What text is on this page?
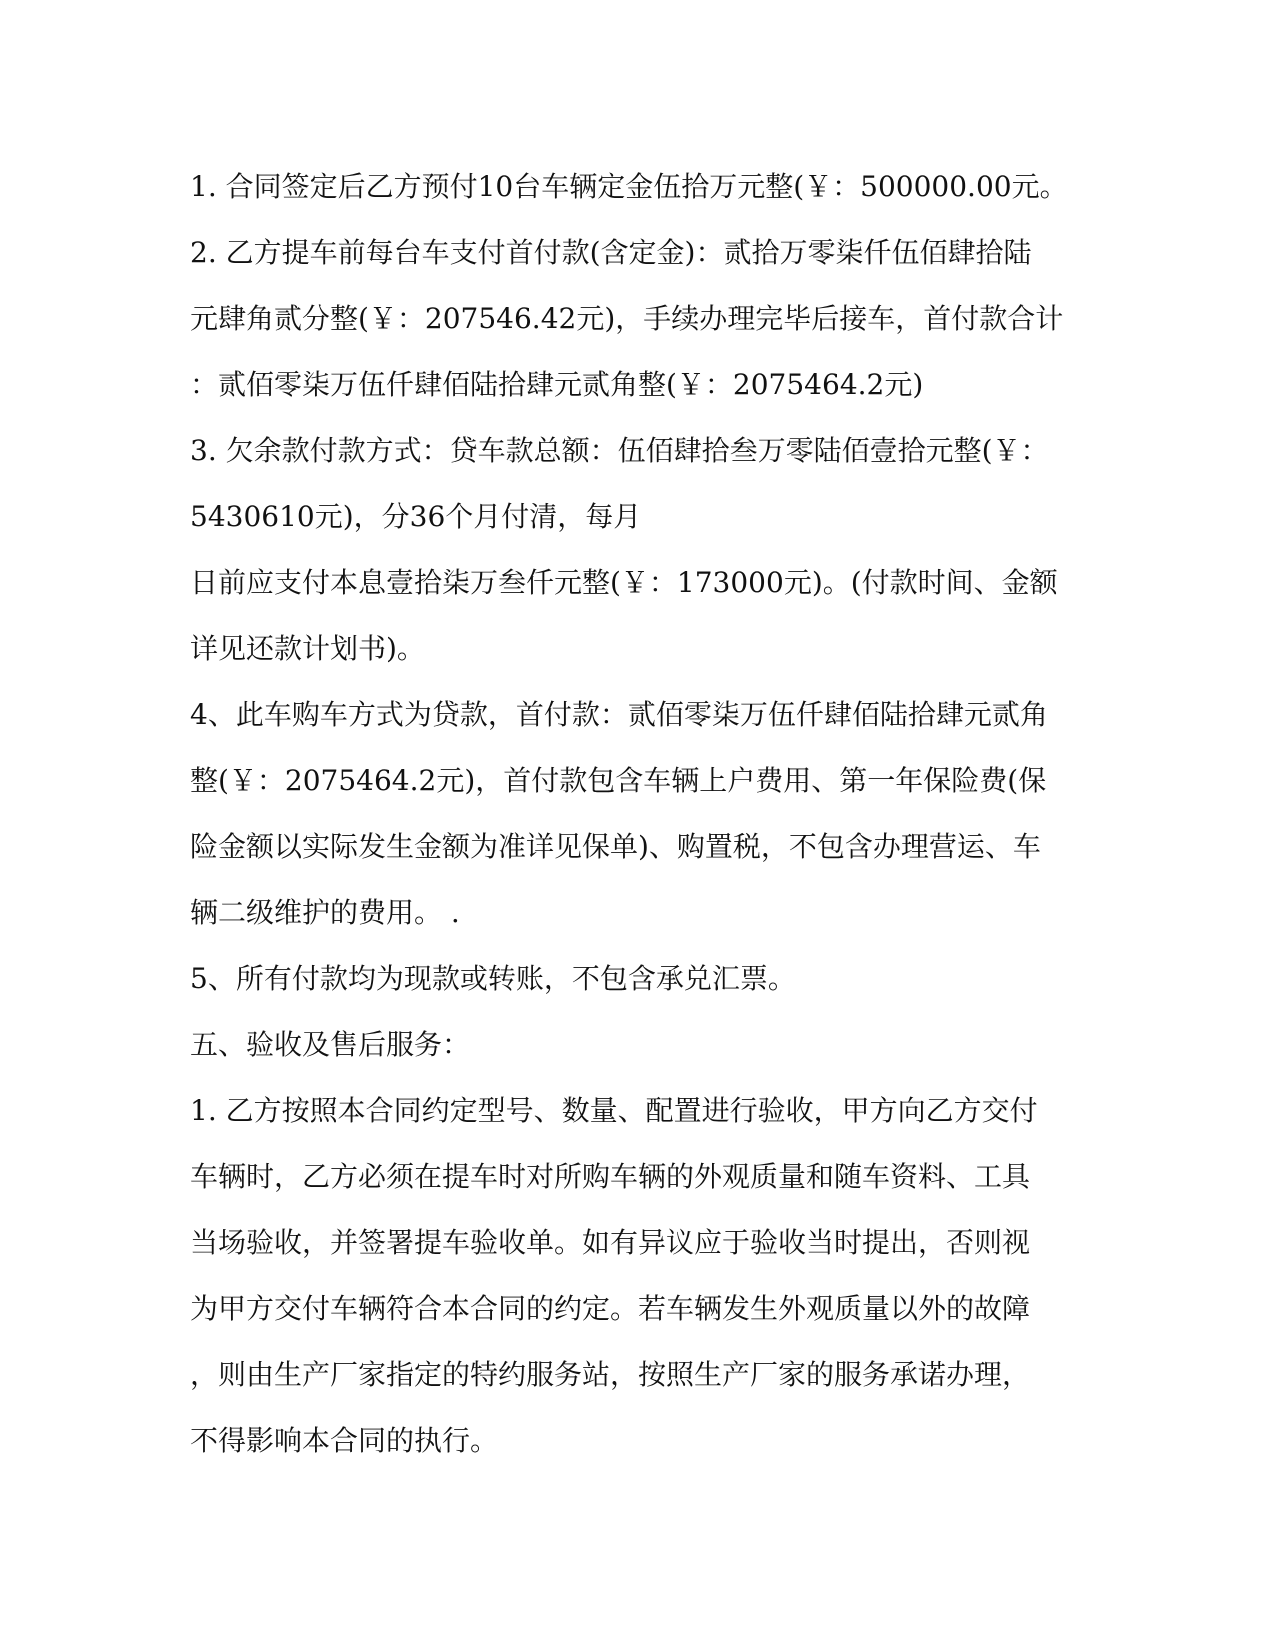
1. 合同签定后乙方预付10台车辆定金伍拾万元整(￥：500000.00元。
2. 乙方提车前每台车支付首付款(含定金)：贰拾万零柒仟伍佰肆拾陆
元肆角贰分整(￥：207546.42元)，手续办理完毕后接车，首付款合计
：贰佰零柒万伍仟肆佰陆拾肆元贰角整(￥：2075464.2元)
3. 欠余款付款方式：贷车款总额：伍佰肆拾叁万零陆佰壹拾元整(￥：
5430610元)，分36个月付清，每月
日前应支付本息壹拾柒万叁仟元整(￥：173000元)。(付款时间、金额
详见还款计划书)。
4、此车购车方式为贷款，首付款：贰佰零柒万伍仟肆佰陆拾肆元贰角
整(￥：2075464.2元)，首付款包含车辆上户费用、第一年保险费(保
险金额以实际发生金额为准详见保单)、购置税，不包含办理营运、车
辆二级维护的费用。 .
5、所有付款均为现款或转账，不包含承兑汇票。
五、验收及售后服务：
1. 乙方按照本合同约定型号、数量、配置进行验收，甲方向乙方交付
车辆时，乙方必须在提车时对所购车辆的外观质量和随车资料、工具
当场验收，并签署提车验收单。如有异议应于验收当时提出，否则视
为甲方交付车辆符合本合同的约定。若车辆发生外观质量以外的故障
，则由生产厂家指定的特约服务站，按照生产厂家的服务承诺办理，
不得影响本合同的执行。
